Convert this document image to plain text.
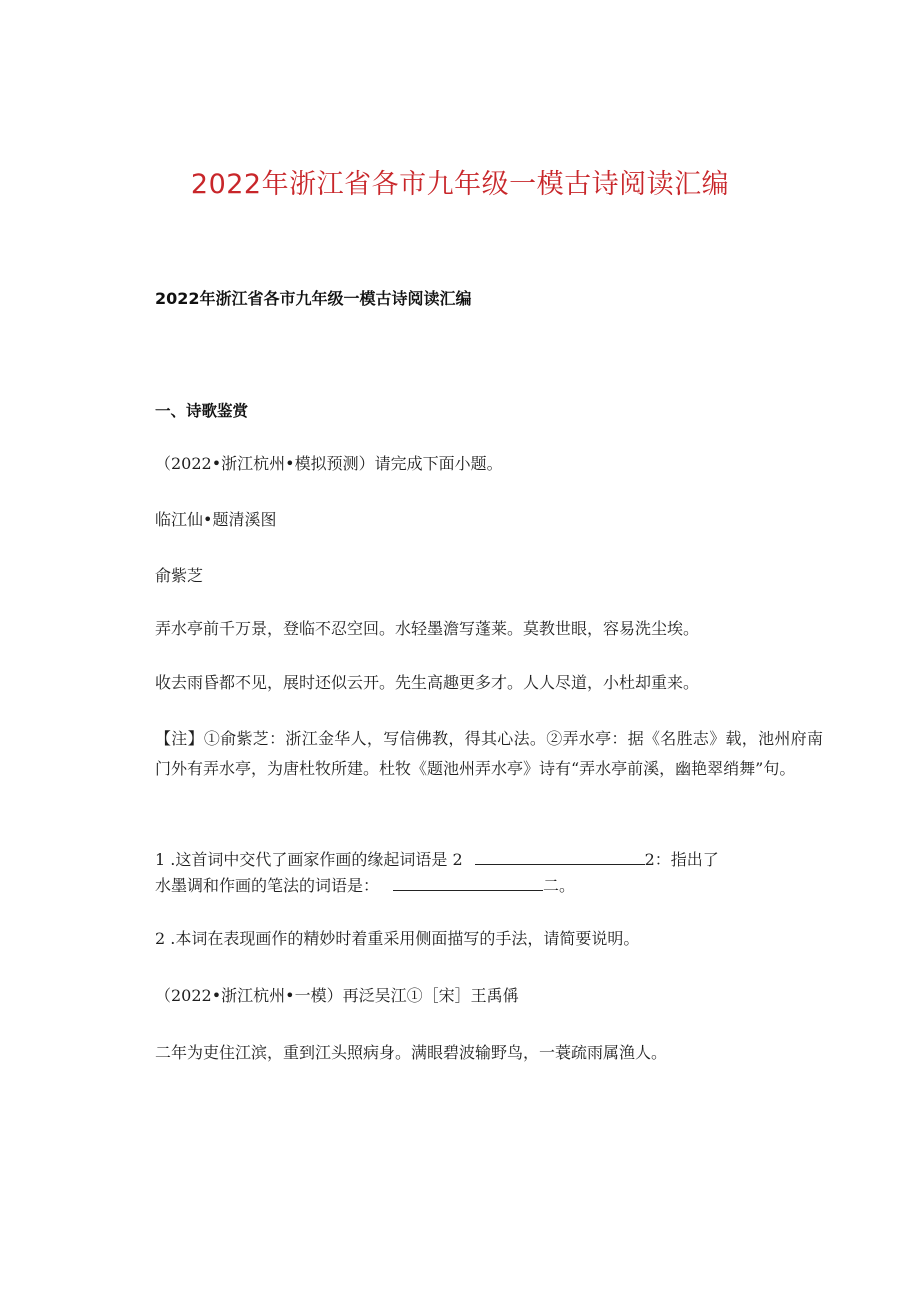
2022年浙江省各市九年级一模古诗阅读汇编
2022年浙江省各市九年级一模古诗阅读汇编
一、诗歌鉴赏
（2022•浙江杭州•模拟预测）请完成下面小题。
临江仙•题清溪图
俞紫芝
弄水亭前千万景，登临不忍空回。水轻墨澹写蓬莱。莫教世眼，容易洗尘埃。
收去雨昏都不见，展时还似云开。先生高趣更多才。人人尽道，小杜却重来。
【注】①俞紫芝：浙江金华人，写信佛教，得其心法。②弄水亭：据《名胜志》载，池州府南门外有弄水亭，为唐杜牧所建。杜牧《题池州弄水亭》诗有“弄水亭前溪，幽艳翠绡舞”句。
1 .这首词中交代了画家作画的缘起词语是 2	2：指出了
水墨调和作画的笔法的词语是：	二。
2 .本词在表现画作的精妙时着重采用侧面描写的手法，请简要说明。
（2022•浙江杭州•一模）再泛吴江①［宋］王禹偁
二年为吏住江滨，重到江头照病身。满眼碧波输野鸟，一蓑疏雨属渔人。
